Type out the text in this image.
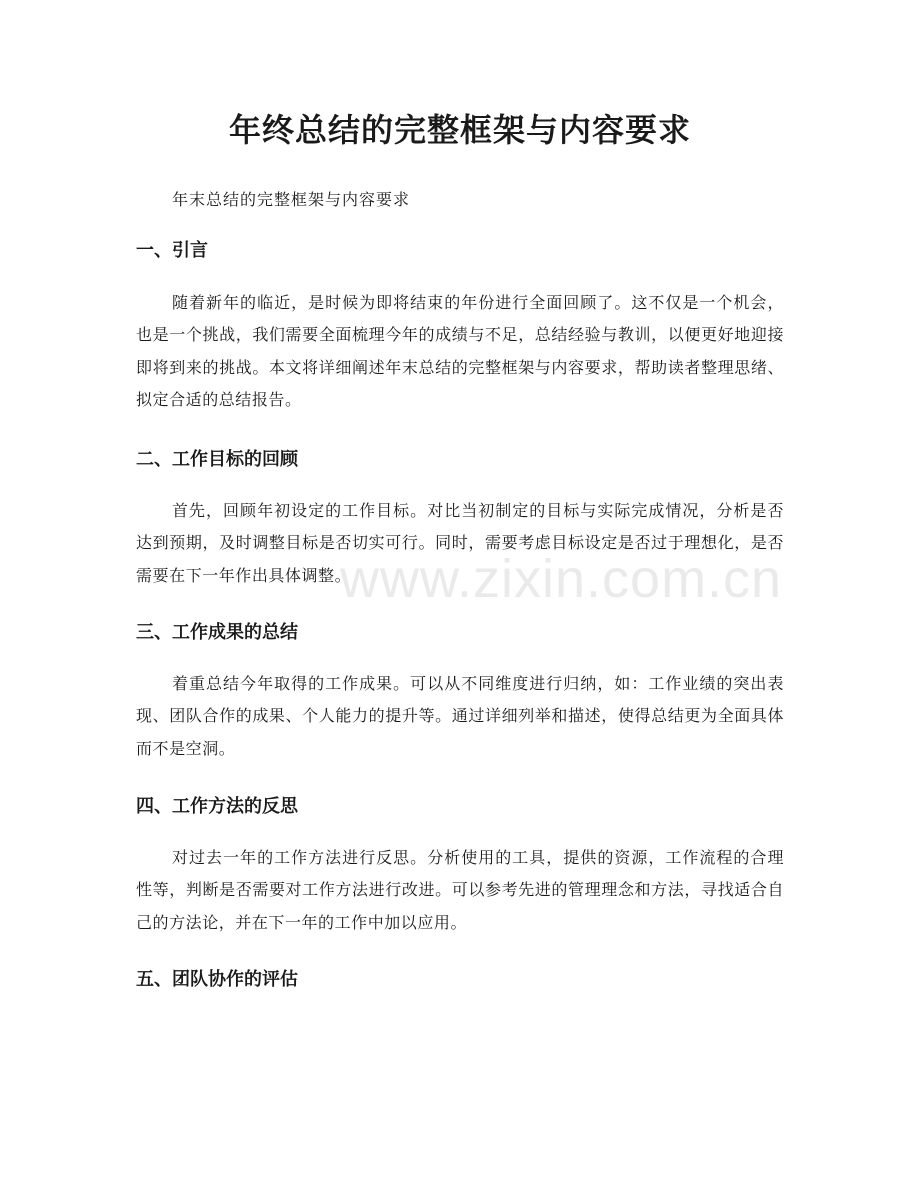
年终总结的完整框架与内容要求

年末总结的完整框架与内容要求

一、引言

随着新年的临近，是时候为即将结束的年份进行全面回顾了。这不仅是一个机会，也是一个挑战，我们需要全面梳理今年的成绩与不足，总结经验与教训，以便更好地迎接即将到来的挑战。本文将详细阐述年末总结的完整框架与内容要求，帮助读者整理思绪、拟定合适的总结报告。

二、工作目标的回顾

首先，回顾年初设定的工作目标。对比当初制定的目标与实际完成情况，分析是否达到预期，及时调整目标是否切实可行。同时，需要考虑目标设定是否过于理想化，是否需要在下一年作出具体调整。

三、工作成果的总结

着重总结今年取得的工作成果。可以从不同维度进行归纳，如：工作业绩的突出表现、团队合作的成果、个人能力的提升等。通过详细列举和描述，使得总结更为全面具体而不是空洞。

四、工作方法的反思

对过去一年的工作方法进行反思。分析使用的工具，提供的资源，工作流程的合理性等，判断是否需要对工作方法进行改进。可以参考先进的管理理念和方法，寻找适合自己的方法论，并在下一年的工作中加以应用。

五、团队协作的评估
www.zixin.com.cn
